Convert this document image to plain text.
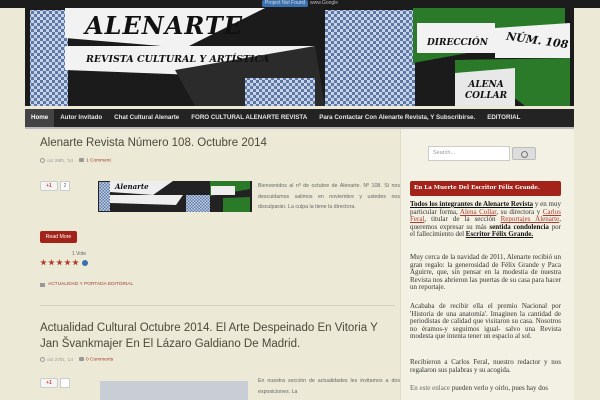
Project Not Found www.Google
ALENARTE
REVISTA CULTURAL Y ARTÍSTICA
DIRECCIÓN NÚM. 108
ALENA
COLLAR
Home	Autor Invitado	Chat Cultural Alenarte	FORO CULTURAL ALENARTE REVISTA	Para Contactar Con Alenarte Revista, Y Subscribirse.	EDITORIAL
Alenarte Revista Número 108. Octubre 2014
oct 28th, '14	1 Comment
+1	2	Alenarte	Bienvenidos al nº de octubre de Alenarte. Nº 108. Si nos descuidamos salimos en noviembre y ustedes nos disculparán. La culpa la tiene la directora.
Read More
1 Vote
ACTUALIDAD Y PORTADA EDITORIAL
Actualidad Cultural Octubre 2014. El Arte Despeinado En Vitoria Y
Jan Švankmajer En El Lázaro Galdiano De Madrid.
oct 27th, '14	0 Comments
+1	En nuestra sección de actualidades les invitamos a dos exposiciones. La
Search...
En La Muerte Del Escritor Félix Grande.
Todos los integrantes de Alenarte Revista y en muy particular forma, Alena Collar, su directora y Carlos Feral, titular de la sección Reportajes Alenarte, queremos expresar su más sentida condolencia por el fallecimiento del Escritor Félix Grande.
Muy cerca de la navidad de 2011, Alenarte recibió un gran regalo: la generosidad de Félix Grande y Paca Aguirre, que, sin pensar en la modestia de nuestra Revista nos abrieron las puertas de su casa para hacer un reportaje.
Acababa de recibir ella el premio Nacional por 'Historia de una anatomía'. Imaginen la cantidad de periodistas de calidad que visitaron su casa. Nosotros no éramos-y seguimos igual- salvo una Revista modesta que intenta tener un espacio al sol.
Recibieron a Carlos Feral, nuestro redactor y nos regalaron sus palabras y su acogida.
En este enlace pueden verlo y oírlo, pues hay dos
